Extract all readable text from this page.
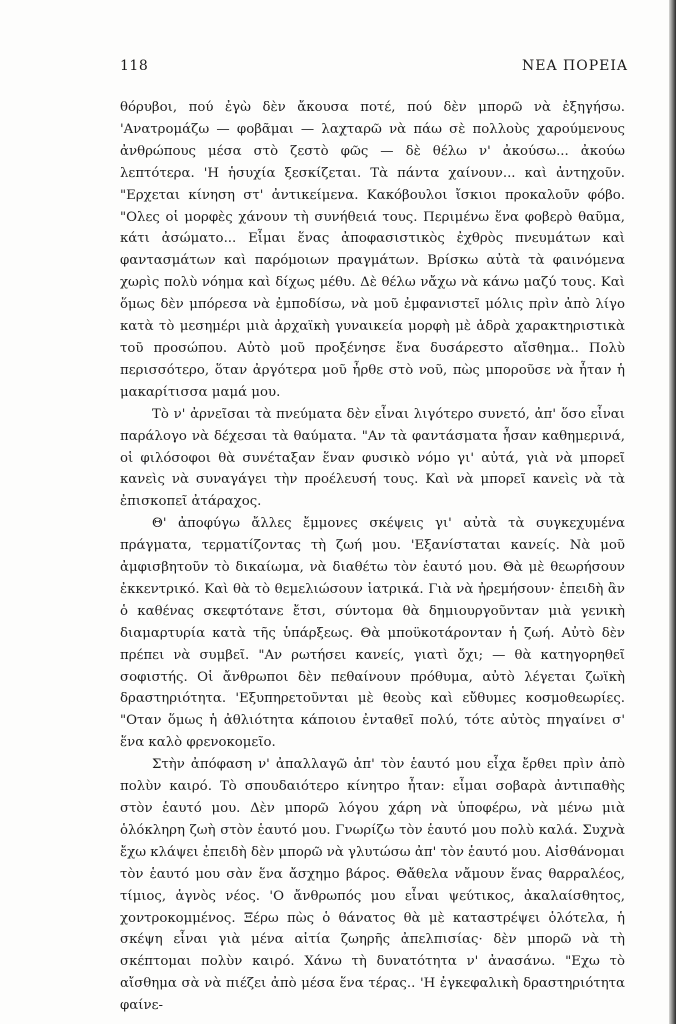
118	ΝΕΑ ΠΟΡΕΙΑ

θόρυβοι, πού ἐγὼ δὲν ἄκουσα ποτέ, πού δὲν μπορῶ νὰ ἐξηγήσω. 'Ανατρομάζω — φοβᾶμαι — λαχταρῶ νὰ πάω σὲ πολλοὺς χαρούμενους ἀνθρώπους μέσα στὸ ζεστὸ φῶς — δὲ θέλω ν' ἀκούσω... ἀκούω λεπτότερα. 'Η ἡσυχία ξεσκίζεται. Τὰ πάντα χαίνουν... καὶ ἀντηχοῦν. "Ερχεται κίνηση στ' ἀντικείμενα. Κακόβουλοι ἴσκιοι προκαλοῦν φόβο. "Ολες οἱ μορφὲς χάνουν τὴ συνήθειά τους. Περιμένω ἕνα φοβερὸ θαῦμα, κάτι ἀσώματο... Εἶμαι ἕνας ἀποφασιστικὸς ἐχθρὸς πνευμάτων καὶ φαντασμάτων καὶ παρόμοιων πραγμάτων. Βρίσκω αὐτὰ τὰ φαινόμενα χωρὶς πολὺ νόημα καὶ δίχως μέθυ. Δὲ θέλω νἄχω νὰ κάνω μαζύ τους. Καὶ ὅμως δὲν μπόρεσα νὰ ἐμποδίσω, νὰ μοῦ ἐμφανιστεῖ μόλις πρὶν ἀπὸ λίγο κατὰ τὸ μεσημέρι μιὰ ἀρχαϊκὴ γυναικεία μορφὴ μὲ ἁδρὰ χαρακτηριστικὰ τοῦ προσώπου. Αὐτὸ μοῦ προξένησε ἕνα δυσάρεστο αἴσθημα.. Πολὺ περισσότερο, ὅταν ἀργότερα μοῦ ἦρθε στὸ νοῦ, πὼς μποροῦσε νὰ ἦταν ἡ μακαρίτισσα μαμά μου.

Τὸ ν' ἀρνεῖσαι τὰ πνεύματα δὲν εἶναι λιγότερο συνετό, ἀπ' ὅσο εἶναι παράλογο νὰ δέχεσαι τὰ θαύματα. "Αν τὰ φαντάσματα ἦσαν καθημερινά, οἱ φιλόσοφοι θὰ συνέταξαν ἕναν φυσικὸ νόμο γι' αὐτά, γιὰ νὰ μπορεῖ κανεὶς νὰ συναγάγει τὴν προέλευσή τους. Καὶ νὰ μπορεῖ κανεὶς νὰ τὰ ἐπισκοπεῖ ἀτάραχος.

Θ' ἀποφύγω ἄλλες ἔμμονες σκέψεις γι' αὐτὰ τὰ συγκεχυμένα πράγματα, τερματίζοντας τὴ ζωή μου. 'Εξανίσταται κανείς. Νὰ μοῦ ἀμφισβητοῦν τὸ δικαίωμα, νὰ διαθέτω τὸν ἑαυτό μου. Θὰ μὲ θεωρήσουν ἐκκεντρικό. Καὶ θὰ τὸ θεμελιώσουν ἰατρικά. Γιὰ νὰ ἠρεμήσουν· ἐπειδὴ ἂν ὁ καθένας σκεφτότανε ἔτσι, σύντομα θὰ δημιουργοῦνταν μιὰ γενικὴ διαμαρτυρία κατὰ τῆς ὑπάρξεως. Θὰ μποϋκοτάρονταν ἡ ζωή. Αὐτὸ δὲν πρέπει νὰ συμβεῖ. "Αν ρωτήσει κανείς, γιατὶ ὄχι; — θὰ κατηγορηθεῖ σοφιστής. Οἱ ἄνθρωποι δὲν πεθαίνουν πρόθυμα, αὐτὸ λέγεται ζωϊκὴ δραστηριότητα. 'Εξυπηρετοῦνται μὲ θεοὺς καὶ εὔθυμες κοσμοθεωρίες. "Οταν ὅμως ἡ ἀθλιότητα κάποιου ἐνταθεῖ πολύ, τότε αὐτὸς πηγαίνει σ' ἕνα καλὸ φρενοκομεῖο.

Στὴν ἀπόφαση ν' ἀπαλλαγῶ ἀπ' τὸν ἑαυτό μου εἶχα ἔρθει πρὶν ἀπὸ πολὺν καιρό. Τὸ σπουδαιότερο κίνητρο ἦταν: εἶμαι σοβαρὰ ἀντιπαθὴς στὸν ἑαυτό μου. Δὲν μπορῶ λόγου χάρη νὰ ὑποφέρω, νὰ μένω μιὰ ὁλόκληρη ζωὴ στὸν ἑαυτό μου. Γνωρίζω τὸν ἑαυτό μου πολὺ καλά. Συχνὰ ἔχω κλάψει ἐπειδὴ δὲν μπορῶ νὰ γλυτώσω ἀπ' τὸν ἑαυτό μου. Αἰσθάνομαι τὸν ἑαυτό μου σὰν ἕνα ἄσχημο βάρος. Θἄθελα νἄμουν ἕνας θαρραλέος, τίμιος, ἁγνὸς νέος. 'Ο ἄνθρωπός μου εἶναι ψεύτικος, ἀκαλαίσθητος, χοντροκομμένος. Ξέρω πὼς ὁ θάνατος θὰ μὲ καταστρέψει ὁλότελα, ἡ σκέψη εἶναι γιὰ μένα αἰτία ζωηρῆς ἀπελπισίας· δὲν μπορῶ νὰ τὴ σκέπτομαι πολὺν καιρό. Χάνω τὴ δυνατότητα ν' ἀνασάνω. "Εχω τὸ αἴσθημα σὰ νὰ πιέζει ἀπὸ μέσα ἕνα τέρας.. 'Η ἐγκεφαλικὴ δραστηριότητα φαίνε-
